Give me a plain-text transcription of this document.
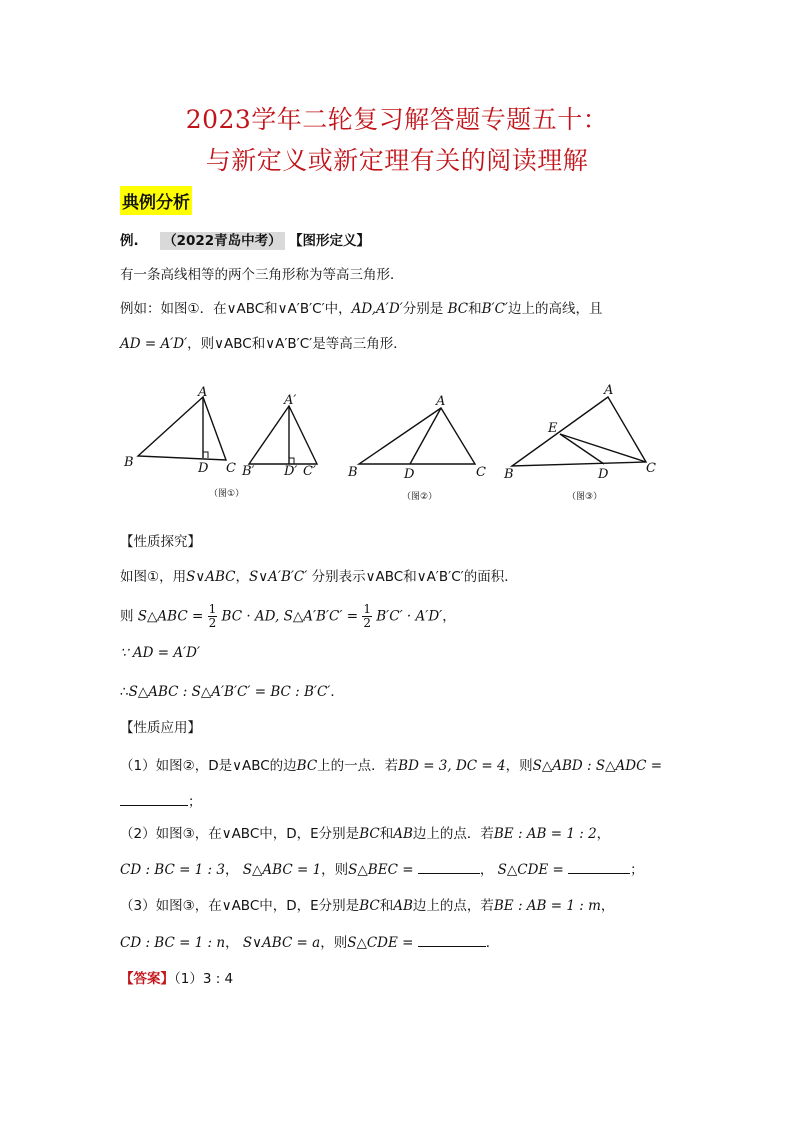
2023学年二轮复习解答题专题五十：
与新定义或新定理有关的阅读理解
典例分析
例. （2022青岛中考） 【图形定义】
有一条高线相等的两个三角形称为等高三角形．
例如：如图①．在∨ABC和∨A′B′C′中，AD,A′D′分别是 BC和B′C′边上的高线，且
AD = A′D′，则∨ABC和∨A′B′C′是等高三角形．
A
B	D C
A′
B′ D′ C′
（图①）
A
B	D	C
（图②）
A
E
B	D	C
（图③）
【性质探究】
如图①，用S∨ABC，S∨A′B′C′ 分别表示∨ABC和∨A′B′C′的面积．
则 S△ABC = $\frac{1}{2}$ BC · AD, S△A′B′C′ = $\frac{1}{2} B'C' \cdot A'D'$，
∵ AD = A′D′
∴S△ABC : S△A′B′C′ = BC : B′C′．
【性质应用】
（1）如图②，D是∨ABC的边BC上的一点．若BD = 3, DC = 4，则S△ABD : S△ADC =
；
（2）如图③，在∨ABC中，D，E分别是BC和AB边上的点．若BE : AB = 1 : 2，
CD : BC = 1 : 3， S△ABC = 1，则S△BEC =	， S△CDE =	；
（3）如图③，在∨ABC中，D，E分别是BC和AB边上的点，若BE : AB = 1 : m，
CD : BC = 1 : n， S∨ABC = a，则S△CDE =	．
【答案】（1）3 : 4
